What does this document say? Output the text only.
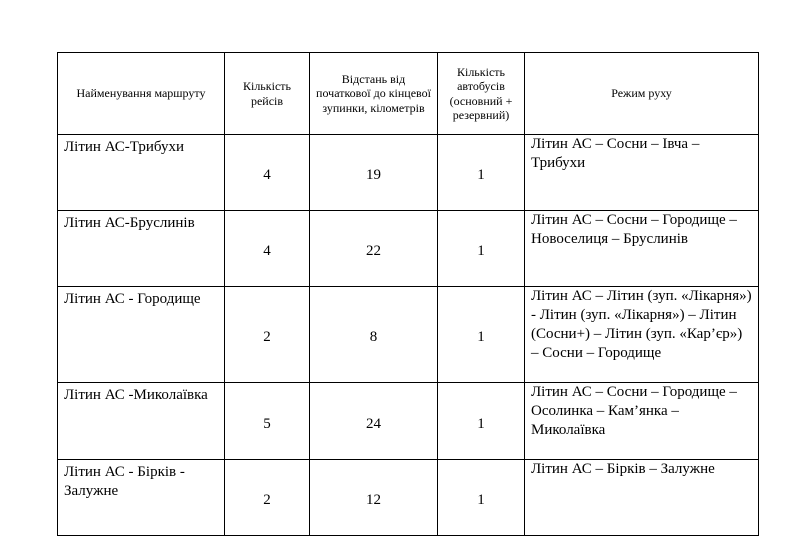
Найменування маршруту	Кількість рейсів	Відстань від початкової до кінцевої зупинки, кілометрів	Кількість автобусів (основний + резервний)	Режим руху
Літин АС-Трибухи	4	19	1	Літин АС – Сосни – Івча – Трибухи
Літин АС-Бруслинів	4	22	1	Літин АС – Сосни – Городище – Новоселиця – Бруслинів
Літин АС - Городище	2	8	1	Літин АС – Літин (зуп. «Лікарня») - Літин (зуп. «Лікарня») – Літин (Сосни+) – Літин (зуп. «Кар’єр») – Сосни – Городище
Літин АС -Миколаївка	5	24	1	Літин АС – Сосни – Городище – Осолинка – Кам’янка – Миколаївка
Літин АС - Бірків - Залужне	2	12	1	Літин АС – Бірків – Залужне
